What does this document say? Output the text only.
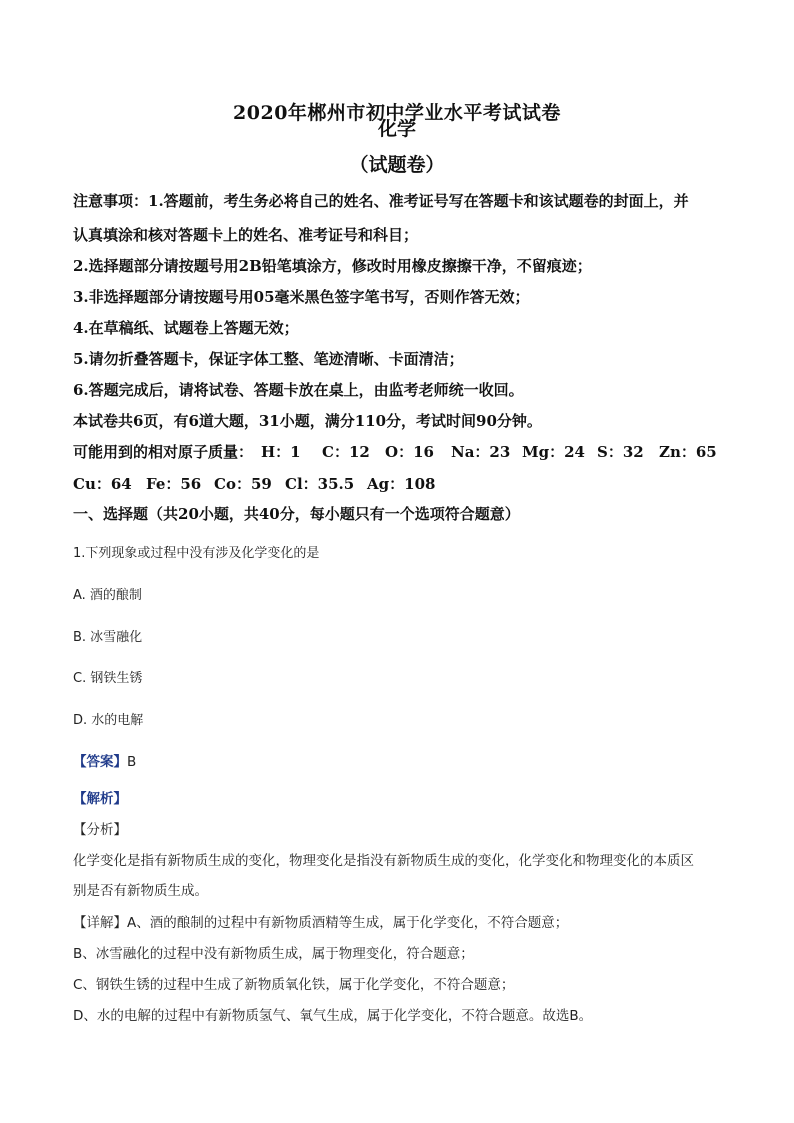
2020年郴州市初中学业水平考试试卷
化学
（试题卷）
注意事项：1.答题前，考生务必将自己的姓名、准考证号写在答题卡和该试题卷的封面上，并
认真填涂和核对答题卡上的姓名、准考证号和科目；
2.选择题部分请按题号用2B铅笔填涂方，修改时用橡皮擦擦干净，不留痕迹；
3.非选择题部分请按题号用05毫米黑色签字笔书写，否则作答无效；
4.在草稿纸、试题卷上答题无效；
5.请勿折叠答题卡，保证字体工整、笔迹清晰、卡面清洁；
6.答题完成后，请将试卷、答题卡放在桌上，由监考老师统一收回。
本试卷共6页，有6道大题，31小题，满分110分，考试时间90分钟。
可能用到的相对原子质量： H：1 C：12 O：16 Na：23 Mg：24 S：32 Zn：65
Cu：64 Fe：56 Co：59 Cl：35.5 Ag：108
一、选择题（共20小题，共40分，每小题只有一个选项符合题意）
1.下列现象或过程中没有涉及化学变化的是
A. 酒的酿制
B. 冰雪融化
C. 钢铁生锈
D. 水的电解
【答案】B
【解析】
【分析】
化学变化是指有新物质生成的变化，物理变化是指没有新物质生成的变化，化学变化和物理变化的本质区
别是否有新物质生成。
【详解】A、酒的酿制的过程中有新物质酒精等生成，属于化学变化，不符合题意；
B、冰雪融化的过程中没有新物质生成，属于物理变化，符合题意；
C、钢铁生锈的过程中生成了新物质氧化铁，属于化学变化，不符合题意；
D、水的电解的过程中有新物质氢气、氧气生成，属于化学变化，不符合题意。故选B。
